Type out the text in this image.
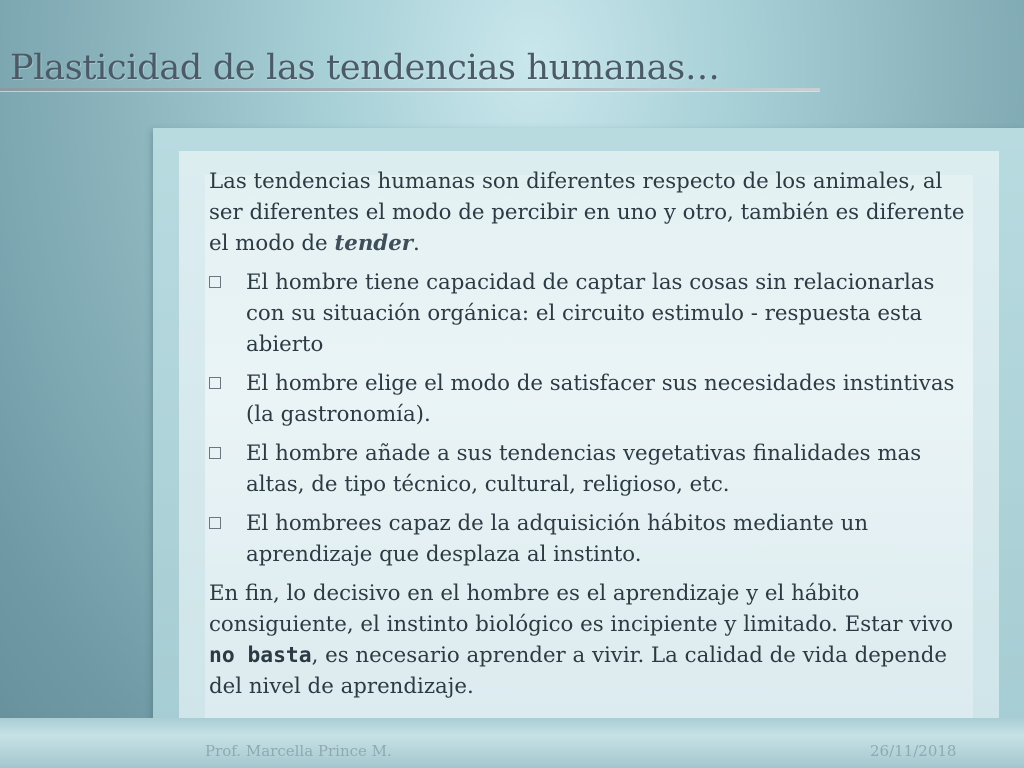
Plasticidad de las tendencias humanas…

Las tendencias humanas son diferentes respecto de los animales, al ser diferentes el modo de percibir en uno y otro, también es diferente el modo de tender.

El hombre tiene capacidad de captar las cosas sin relacionarlas con su situación orgánica: el circuito estimulo - respuesta esta abierto
El hombre elige el modo de satisfacer sus necesidades instintivas (la gastronomía).
El hombre añade a sus tendencias vegetativas finalidades mas altas, de tipo técnico, cultural, religioso, etc.
El hombrees capaz de la adquisición hábitos mediante un aprendizaje que desplaza al instinto.

En fin, lo decisivo en el hombre es el aprendizaje y el hábito consiguiente, el instinto biológico es incipiente y limitado. Estar vivo no basta, es necesario aprender a vivir. La calidad de vida depende del nivel de aprendizaje.

Prof. Marcella Prince M.	26/11/2018
